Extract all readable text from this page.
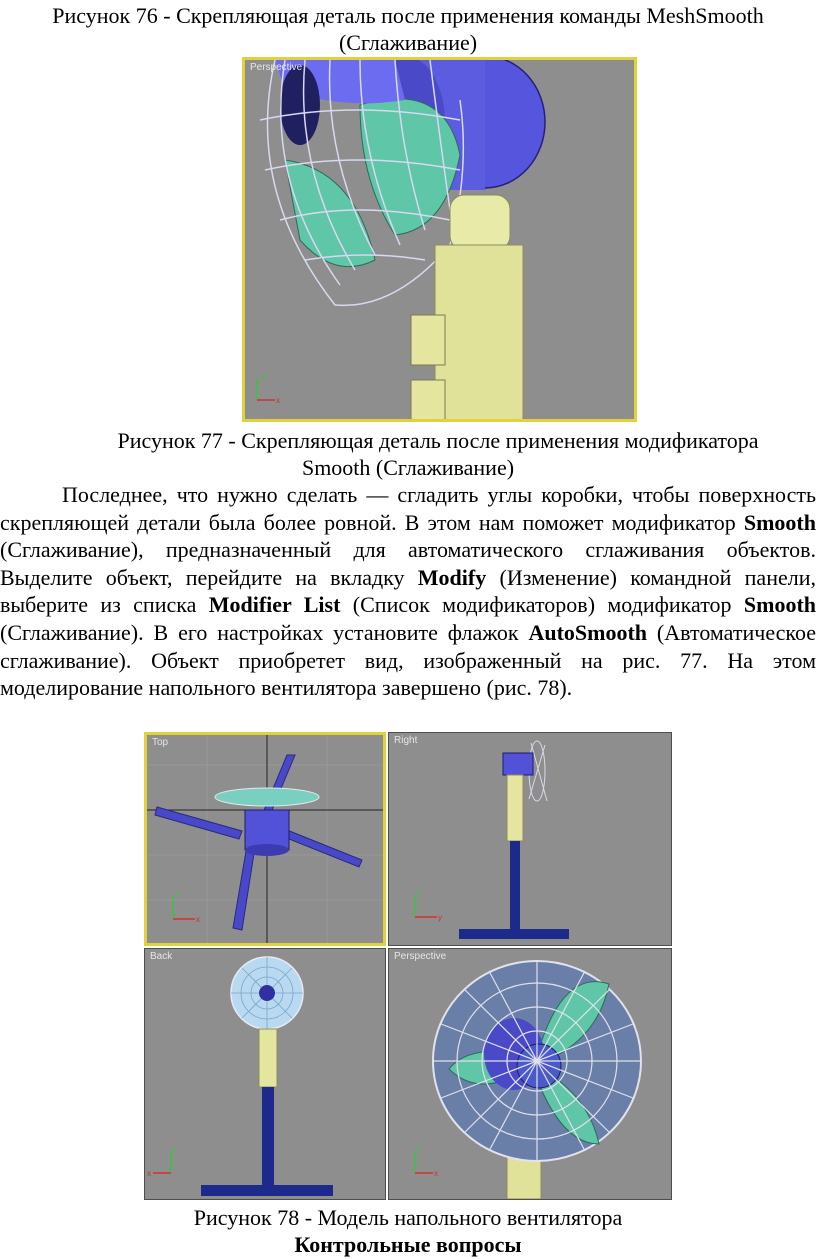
Рисунок 76 - Скрепляющая деталь после применения команды MeshSmooth
(Сглаживание)
z
x
Perspective
Рисунок 77 - Скрепляющая деталь после применения модификатора
Smooth (Сглаживание)

Последнее, что нужно сделать — сгладить углы коробки, чтобы поверхность скрепляющей детали была более ровной. В этом нам поможет модификатор Smooth (Сглаживание), предназначенный для автоматического сглаживания объектов. Выделите объект, перейдите на вкладку Modify (Изменение) командной панели, выберите из списка Modifier List (Список модификаторов) модификатор Smooth (Сглаживание). В его настройках установите флажок AutoSmooth (Автоматическое сглаживание). Объект приобретет вид, изображенный на рис. 77. На этом моделирование напольного вентилятора завершено (рис. 78).

y
x
Top
z
y
Right
z
x
Back
z
x
Perspective
Рисунок 78 - Модель напольного вентилятора
Контрольные вопросы
